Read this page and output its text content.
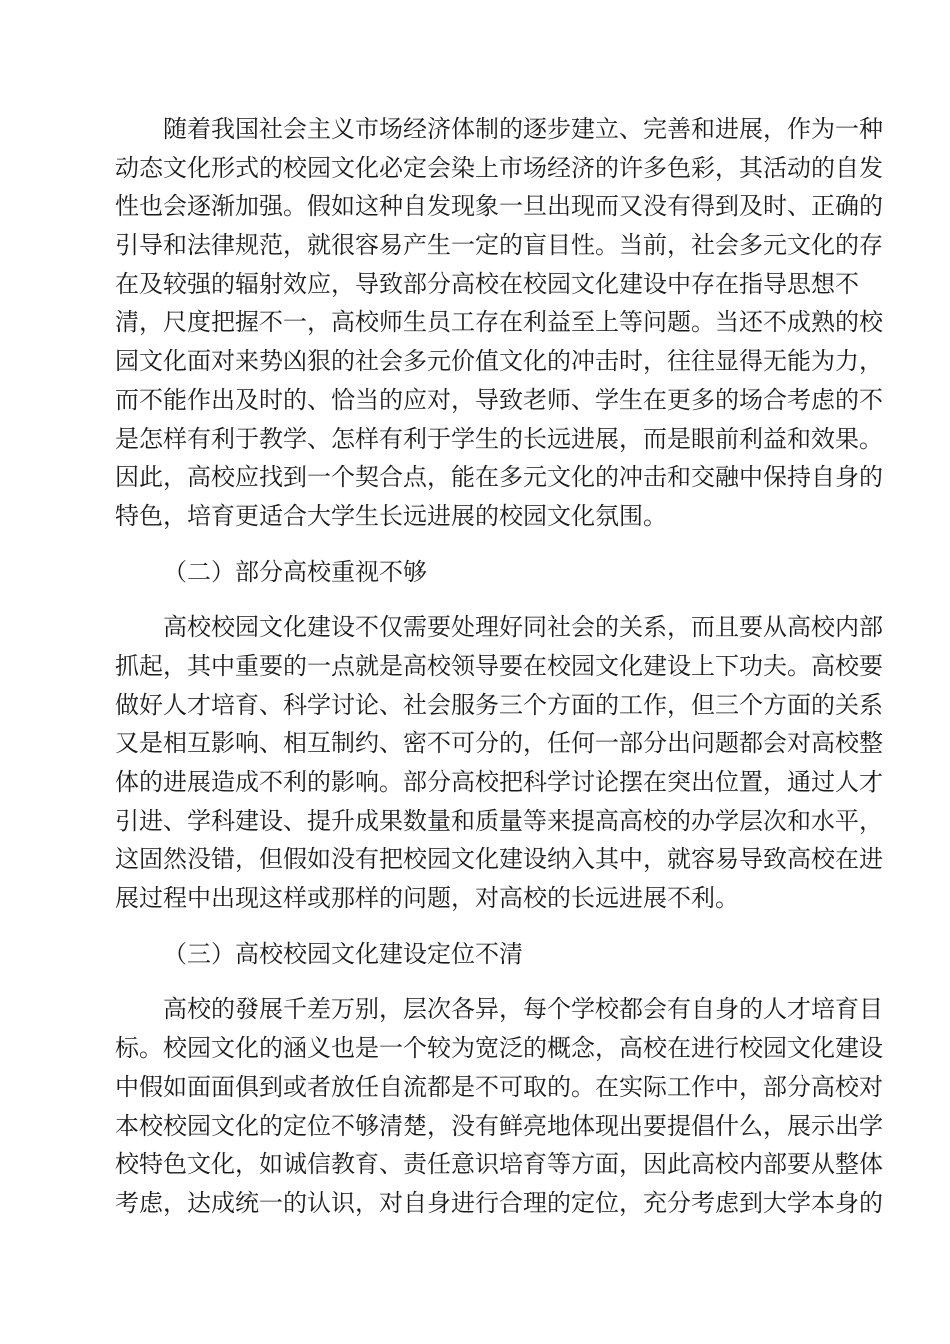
随着我国社会主义市场经济体制的逐步建立、完善和进展，作为一种
动态文化形式的校园文化必定会染上市场经济的许多色彩，其活动的自发
性也会逐渐加强。假如这种自发现象一旦出现而又没有得到及时、正确的
引导和法律规范，就很容易产生一定的盲目性。当前，社会多元文化的存
在及较强的辐射效应，导致部分高校在校园文化建设中存在指导思想不
清，尺度把握不一，高校师生员工存在利益至上等问题。当还不成熟的校
园文化面对来势凶狠的社会多元价值文化的冲击时，往往显得无能为力，
而不能作出及时的、恰当的应对，导致老师、学生在更多的场合考虑的不
是怎样有利于教学、怎样有利于学生的长远进展，而是眼前利益和效果。
因此，高校应找到一个契合点，能在多元文化的冲击和交融中保持自身的
特色，培育更适合大学生长远进展的校园文化氛围。
（二）部分高校重视不够
高校校园文化建设不仅需要处理好同社会的关系，而且要从高校内部
抓起，其中重要的一点就是高校领导要在校园文化建设上下功夫。高校要
做好人才培育、科学讨论、社会服务三个方面的工作，但三个方面的关系
又是相互影响、相互制约、密不可分的，任何一部分出问题都会对高校整
体的进展造成不利的影响。部分高校把科学讨论摆在突出位置，通过人才
引进、学科建设、提升成果数量和质量等来提高高校的办学层次和水平，
这固然没错，但假如没有把校园文化建设纳入其中，就容易导致高校在进
展过程中出现这样或那样的问题，对高校的长远进展不利。
（三）高校校园文化建设定位不清
高校的發展千差万别，层次各异，每个学校都会有自身的人才培育目
标。校园文化的涵义也是一个较为宽泛的概念，高校在进行校园文化建设
中假如面面俱到或者放任自流都是不可取的。在实际工作中，部分高校对
本校校园文化的定位不够清楚，没有鲜亮地体现出要提倡什么，展示出学
校特色文化，如诚信教育、责任意识培育等方面，因此高校内部要从整体
考虑，达成统一的认识，对自身进行合理的定位，充分考虑到大学本身的
